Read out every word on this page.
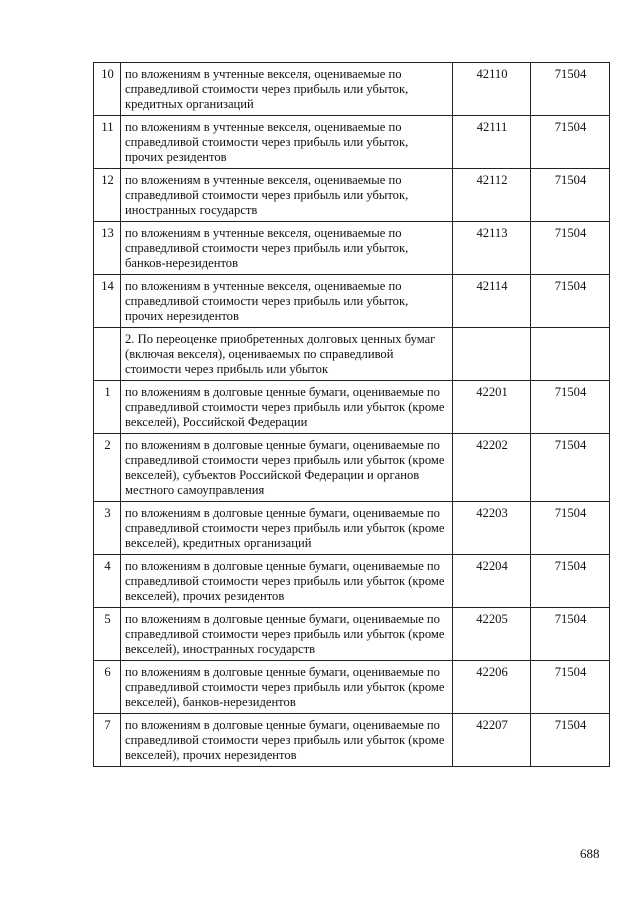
10	по вложениям в учтенные векселя, оцениваемые по справедливой стоимости через прибыль или убыток, кредитных организаций	42110	71504
11	по вложениям в учтенные векселя, оцениваемые по справедливой стоимости через прибыль или убыток, прочих резидентов	42111	71504
12	по вложениям в учтенные векселя, оцениваемые по справедливой стоимости через прибыль или убыток, иностранных государств	42112	71504
13	по вложениям в учтенные векселя, оцениваемые по справедливой стоимости через прибыль или убыток, банков-нерезидентов	42113	71504
14	по вложениям в учтенные векселя, оцениваемые по справедливой стоимости через прибыль или убыток, прочих нерезидентов	42114	71504
	2. По переоценке приобретенных долговых ценных бумаг (включая векселя), оцениваемых по справедливой стоимости через прибыль или убыток		
1	по вложениям в долговые ценные бумаги, оцениваемые по справедливой стоимости через прибыль или убыток (кроме векселей), Российской Федерации	42201	71504
2	по вложениям в долговые ценные бумаги, оцениваемые по справедливой стоимости через прибыль или убыток (кроме векселей), субъектов Российской Федерации и органов местного самоуправления	42202	71504
3	по вложениям в долговые ценные бумаги, оцениваемые по справедливой стоимости через прибыль или убыток (кроме векселей), кредитных организаций	42203	71504
4	по вложениям в долговые ценные бумаги, оцениваемые по справедливой стоимости через прибыль или убыток (кроме векселей), прочих резидентов	42204	71504
5	по вложениям в долговые ценные бумаги, оцениваемые по справедливой стоимости через прибыль или убыток (кроме векселей), иностранных государств	42205	71504
6	по вложениям в долговые ценные бумаги, оцениваемые по справедливой стоимости через прибыль или убыток (кроме векселей), банков-нерезидентов	42206	71504
7	по вложениям в долговые ценные бумаги, оцениваемые по справедливой стоимости через прибыль или убыток (кроме векселей), прочих нерезидентов	42207	71504
688
